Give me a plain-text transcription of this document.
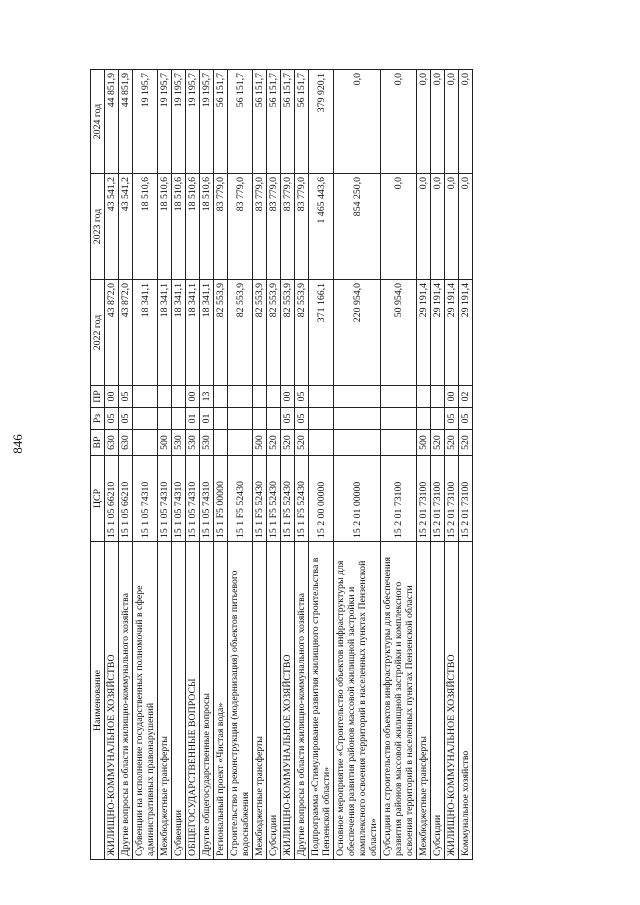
846
Наименование	ЦСР	ВР	Рз	ПР	2022 год	2023 год	2024 год
ЖИЛИЩНО-КОММУНАЛЬНОЕ ХОЗЯЙСТВО	15 1 05 66210	630	05	00	43 872,0	43 541,2	44 851,9
Другие вопросы в области жилищно-коммунального хозяйства	15 1 05 66210	630	05	05	43 872,0	43 541,2	44 851,9
Субвенции на исполнение государственных полномочий в сфере административных правонарушений	15 1 05 74310				18 341,1	18 510,6	19 195,7
Межбюджетные трансферты	15 1 05 74310	500			18 341,1	18 510,6	19 195,7
Субвенции	15 1 05 74310	530			18 341,1	18 510,6	19 195,7
ОБЩЕГОСУДАРСТВЕННЫЕ ВОПРОСЫ	15 1 05 74310	530	01	00	18 341,1	18 510,6	19 195,7
Другие общегосударственные вопросы	15 1 05 74310	530	01	13	18 341,1	18 510,6	19 195,7
Региональный проект «Чистая вода»	15 1 F5 00000				82 553,9	83 779,0	56 151,7
Строительство и реконструкция (модернизация) объектов питьевого водоснабжения	15 1 F5 52430				82 553,9	83 779,0	56 151,7
Межбюджетные трансферты	15 1 F5 52430	500			82 553,9	83 779,0	56 151,7
Субсидии	15 1 F5 52430	520			82 553,9	83 779,0	56 151,7
ЖИЛИЩНО-КОММУНАЛЬНОЕ ХОЗЯЙСТВО	15 1 F5 52430	520	05	00	82 553,9	83 779,0	56 151,7
Другие вопросы в области жилищно-коммунального хозяйства	15 1 F5 52430	520	05	05	82 553,9	83 779,0	56 151,7
Подпрограмма «Стимулирование развития жилищного строительства в Пензенской области»	15 2 00 00000				371 166,1	1 465 443,6	379 920,1
Основное мероприятие «Строительство объектов инфраструктуры для обеспечения развития районов массовой жилищной застройки и комплексного освоения территорий в населенных пунктах Пензенской области»	15 2 01 00000				220 954,0	854 250,0	0,0
Субсидии на строительство объектов инфраструктуры для обеспечения развития районов массовой жилищной застройки и комплексного освоения территорий в населенных пунктах Пензенской области	15 2 01 73100				50 954,0	0,0	0,0
Межбюджетные трансферты	15 2 01 73100	500			29 191,4	0,0	0,0
Субсидии	15 2 01 73100	520			29 191,4	0,0	0,0
ЖИЛИЩНО-КОММУНАЛЬНОЕ ХОЗЯЙСТВО	15 2 01 73100	520	05	00	29 191,4	0,0	0,0
Коммунальное хозяйство	15 2 01 73100	520	05	02	29 191,4	0,0	0,0
